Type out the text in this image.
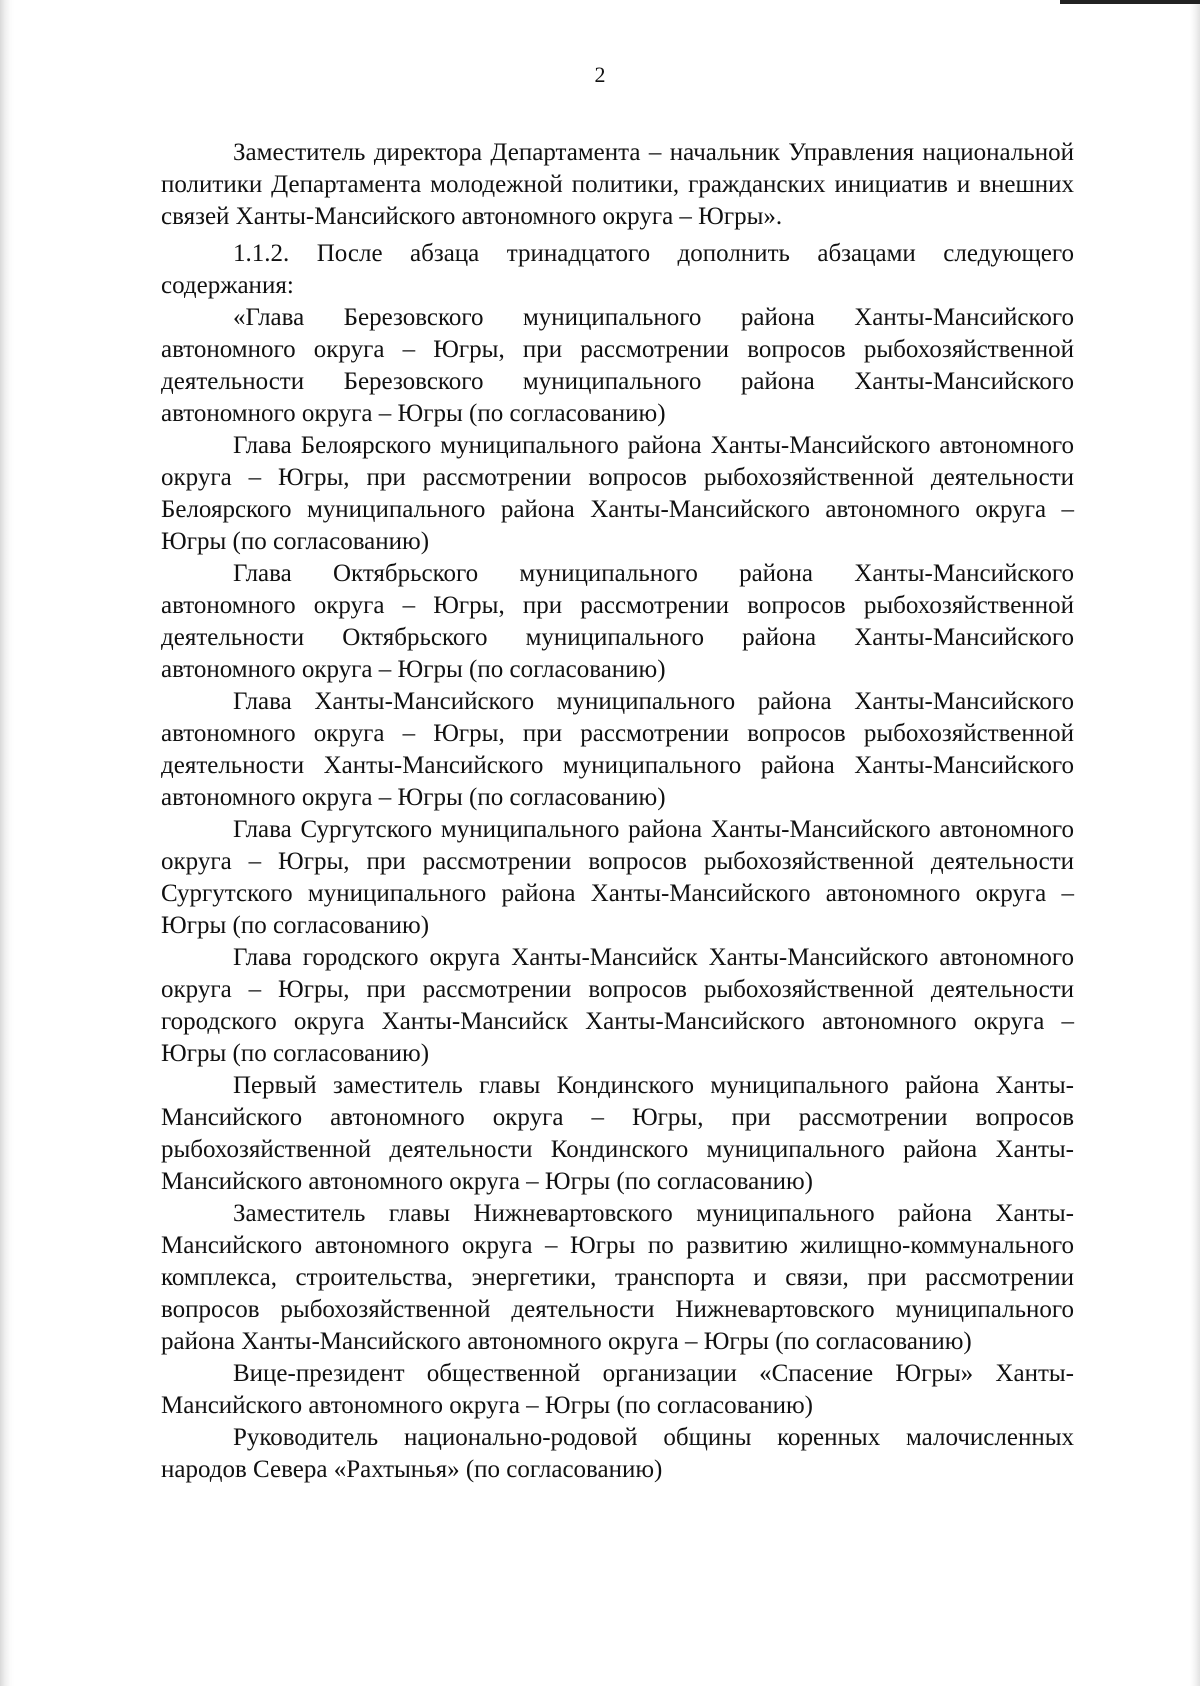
2

Заместитель директора Департамента – начальник Управления национальной политики Департамента молодежной политики, гражданских инициатив и внешних связей Ханты-Мансийского автономного округа – Югры».

1.1.2. После абзаца тринадцатого дополнить абзацами следующего содержания:

«Глава Березовского муниципального района Ханты-Мансийского автономного округа – Югры, при рассмотрении вопросов рыбохозяйственной деятельности Березовского муниципального района Ханты-Мансийского автономного округа – Югры (по согласованию)

Глава Белоярского муниципального района Ханты-Мансийского автономного округа – Югры, при рассмотрении вопросов рыбохозяйственной деятельности Белоярского муниципального района Ханты-Мансийского автономного округа – Югры (по согласованию)

Глава Октябрьского муниципального района Ханты-Мансийского автономного округа – Югры, при рассмотрении вопросов рыбохозяйственной деятельности Октябрьского муниципального района Ханты-Мансийского автономного округа – Югры (по согласованию)

Глава Ханты-Мансийского муниципального района Ханты-Мансийского автономного округа – Югры, при рассмотрении вопросов рыбохозяйственной деятельности Ханты-Мансийского муниципального района Ханты-Мансийского автономного округа – Югры (по согласованию)

Глава Сургутского муниципального района Ханты-Мансийского автономного округа – Югры, при рассмотрении вопросов рыбохозяйственной деятельности Сургутского муниципального района Ханты-Мансийского автономного округа – Югры (по согласованию)

Глава городского округа Ханты-Мансийск Ханты-Мансийского автономного округа – Югры, при рассмотрении вопросов рыбохозяйственной деятельности городского округа Ханты-Мансийск Ханты-Мансийского автономного округа – Югры (по согласованию)

Первый заместитель главы Кондинского муниципального района Ханты-Мансийского автономного округа – Югры, при рассмотрении вопросов рыбохозяйственной деятельности Кондинского муниципального района Ханты-Мансийского автономного округа – Югры (по согласованию)

Заместитель главы Нижневартовского муниципального района Ханты-Мансийского автономного округа – Югры по развитию жилищно-коммунального комплекса, строительства, энергетики, транспорта и связи, при рассмотрении вопросов рыбохозяйственной деятельности Нижневартовского муниципального района Ханты-Мансийского автономного округа – Югры (по согласованию)

Вице-президент общественной организации «Спасение Югры» Ханты-Мансийского автономного округа – Югры (по согласованию)

Руководитель национально-родовой общины коренных малочисленных народов Севера «Рахтынья» (по согласованию)
